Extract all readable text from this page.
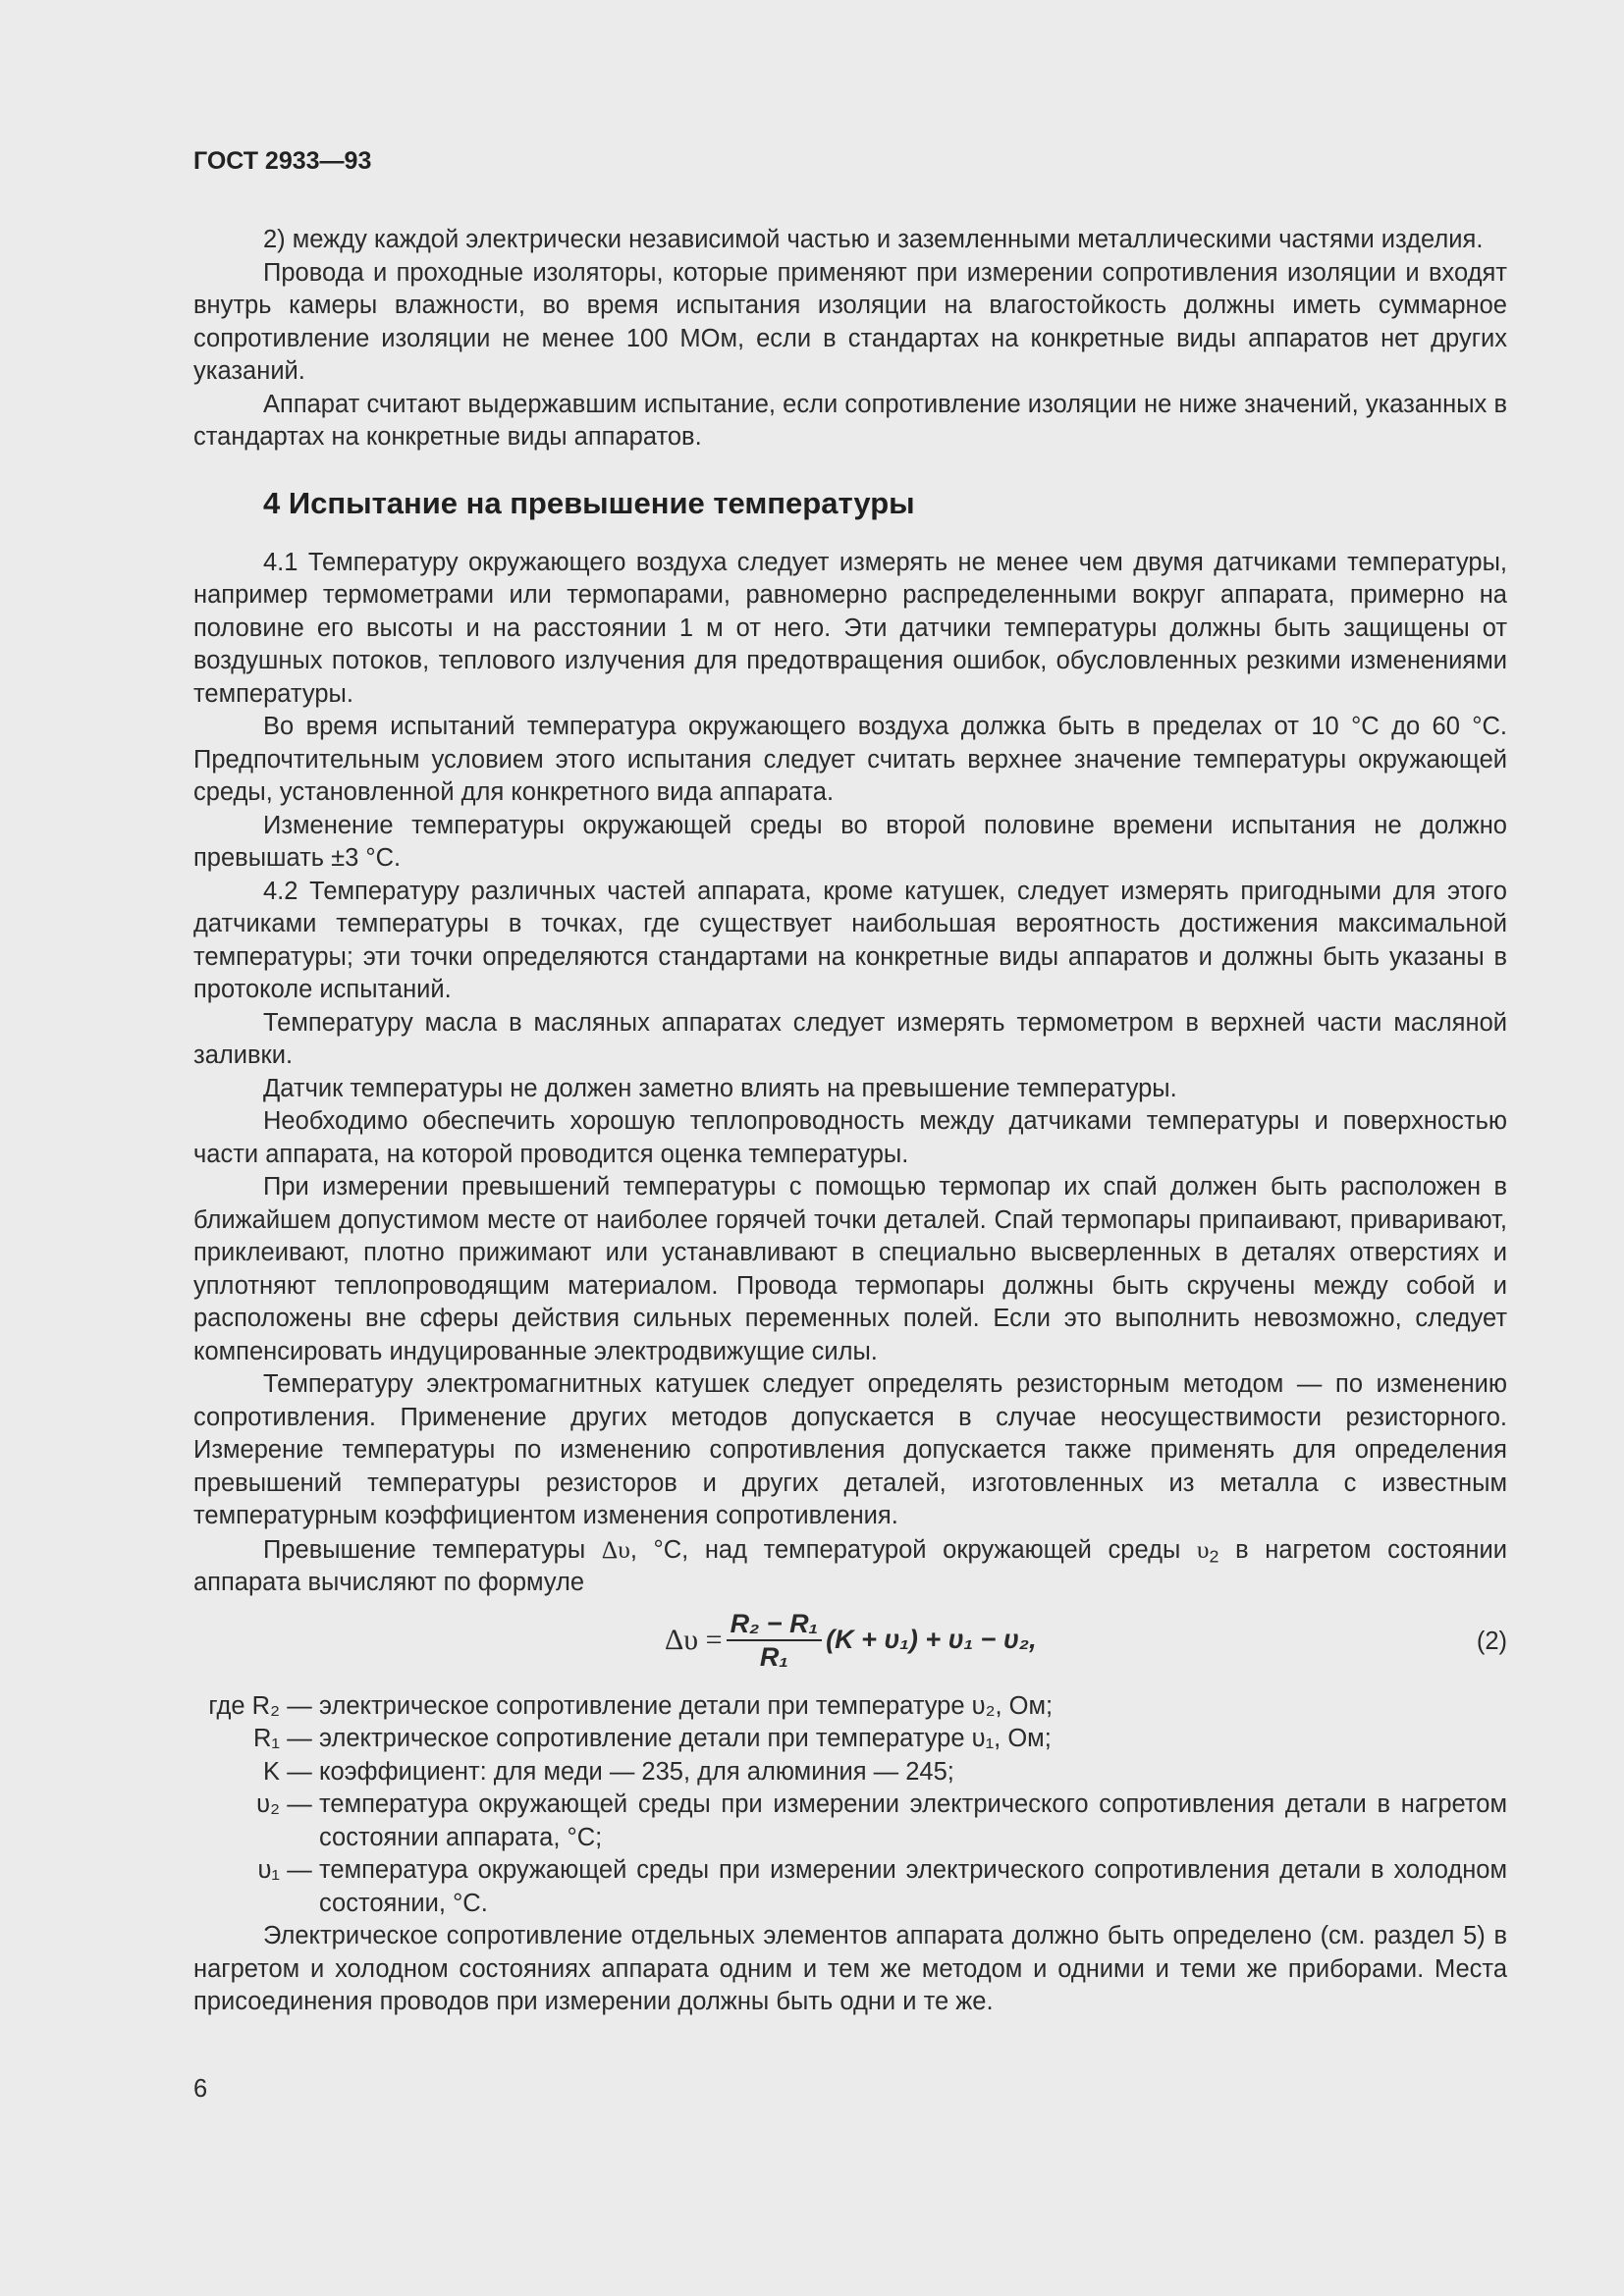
ГОСТ 2933—93

2) между каждой электрически независимой частью и заземленными металлическими частями изделия.

Провода и проходные изоляторы, которые применяют при измерении сопротивления изоляции и входят внутрь камеры влажности, во время испытания изоляции на влагостойкость должны иметь суммарное сопротивление изоляции не менее 100 МОм, если в стандартах на конкретные виды аппаратов нет других указаний.

Аппарат считают выдержавшим испытание, если сопротивление изоляции не ниже значений, указанных в стандартах на конкретные виды аппаратов.

4 Испытание на превышение температуры

4.1 Температуру окружающего воздуха следует измерять не менее чем двумя датчиками температуры, например термометрами или термопарами, равномерно распределенными вокруг аппарата, примерно на половине его высоты и на расстоянии 1 м от него. Эти датчики температуры должны быть защищены от воздушных потоков, теплового излучения для предотвращения ошибок, обусловленных резкими изменениями температуры.

Во время испытаний температура окружающего воздуха должка быть в пределах от 10 °С до 60 °С. Предпочтительным условием этого испытания следует считать верхнее значение температуры окружающей среды, установленной для конкретного вида аппарата.

Изменение температуры окружающей среды во второй половине времени испытания не должно превышать ±3 °С.

4.2 Температуру различных частей аппарата, кроме катушек, следует измерять пригодными для этого датчиками температуры в точках, где существует наибольшая вероятность достижения максимальной температуры; эти точки определяются стандартами на конкретные виды аппаратов и должны быть указаны в протоколе испытаний.

Температуру масла в масляных аппаратах следует измерять термометром в верхней части масляной заливки.

Датчик температуры не должен заметно влиять на превышение температуры.

Необходимо обеспечить хорошую теплопроводность между датчиками температуры и поверхностью части аппарата, на которой проводится оценка температуры.

При измерении превышений температуры с помощью термопар их спай должен быть расположен в ближайшем допустимом месте от наиболее горячей точки деталей. Спай термопары припаивают, приваривают, приклеивают, плотно прижимают или устанавливают в специально высверленных в деталях отверстиях и уплотняют теплопроводящим материалом. Провода термопары должны быть скручены между собой и расположены вне сферы действия сильных переменных полей. Если это выполнить невозможно, следует компенсировать индуцированные электродвижущие силы.

Температуру электромагнитных катушек следует определять резисторным методом — по изменению сопротивления. Применение других методов допускается в случае неосуществимости резисторного. Измерение температуры по изменению сопротивления допускается также применять для определения превышений температуры резисторов и других деталей, изготовленных из металла с известным температурным коэффициентом изменения сопротивления.

Превышение температуры Δυ, °С, над температурой окружающей среды $\upsilon_2$ в нагретом состоянии аппарата вычисляют по формуле

$\Delta\upsilon = \frac{\text{R₂ − R₁}}{\text{R₁}} (K + \upsilon_1) + \upsilon_1 - \upsilon_2$,	(2)
где R₂ — электрическое сопротивление детали при температуре υ₂, Ом;
R₁ — электрическое сопротивление детали при температуре υ₁, Ом;
K — коэффициент: для меди — 235, для алюминия — 245;
υ₂ — температура окружающей среды при измерении электрического сопротивления детали в нагретом состоянии аппарата, °С;
υ₁ — температура окружающей среды при измерении электрического сопротивления детали в холодном состоянии, °С.

Электрическое сопротивление отдельных элементов аппарата должно быть определено (см. раздел 5) в нагретом и холодном состояниях аппарата одним и тем же методом и одними и теми же приборами. Места присоединения проводов при измерении должны быть одни и те же.

6
